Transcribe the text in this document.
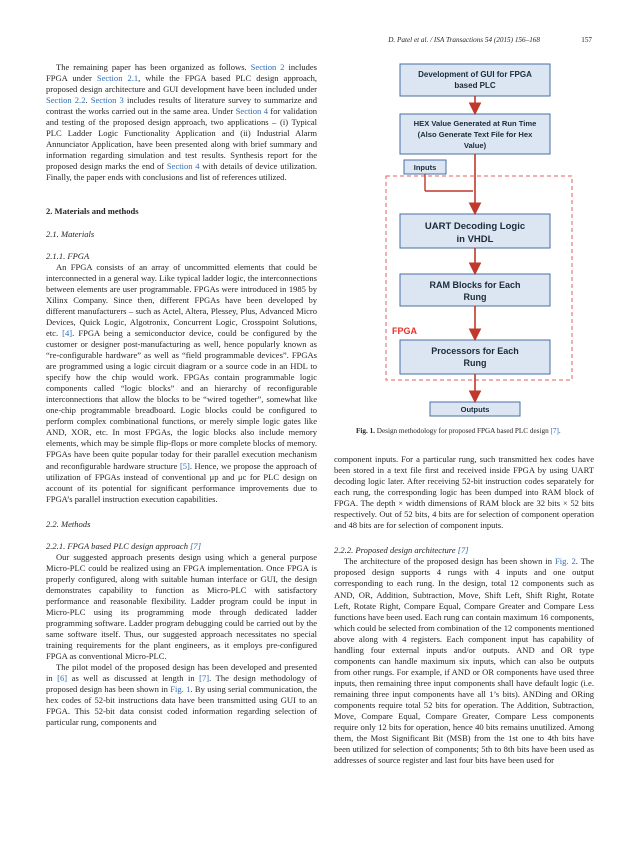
D. Patel et al. / ISA Transactions 54 (2015) 156–168	157

The remaining paper has been organized as follows. Section 2 includes FPGA under Section 2.1, while the FPGA based PLC design approach, proposed design architecture and GUI development have been included under Section 2.2. Section 3 includes results of literature survey to summarize and contrast the works carried out in the same area. Under Section 4 for validation and testing of the proposed design approach, two applications – (i) Typical PLC Ladder Logic Functionality Application and (ii) Industrial Alarm Annunciator Application, have been presented along with brief summary and information regarding simulation and test results. Synthesis report for the proposed design marks the end of Section 4 with details of device utilization. Finally, the paper ends with conclusions and list of references utilized.

2. Materials and methods
2.1. Materials
2.1.1. FPGA

An FPGA consists of an array of uncommitted elements that could be interconnected in a general way. Like typical ladder logic, the interconnections between elements are user programmable. FPGAs were introduced in 1985 by Xilinx Company. Since then, different FPGAs have been developed by different manufacturers – such as Actel, Altera, Plessey, Plus, Advanced Micro Devices, Quick Logic, Algotronix, Concurrent Logic, Crosspoint Solutions, etc. [4]. FPGA being a semiconductor device, could be configured by the customer or designer post-manufacturing as well, hence popularly known as “re-configurable hardware” as well as “field programmable devices”. FPGAs are programmed using a logic circuit diagram or a source code in an HDL to specify how the chip would work. FPGAs contain programmable logic components called “logic blocks” and an hierarchy of reconfigurable interconnections that allow the blocks to be “wired together”, somewhat like one-chip programmable breadboard. Logic blocks could be configured to perform complex combinational functions, or merely simple logic gates like AND, XOR, etc. In most FPGAs, the logic blocks also include memory elements, which may be simple flip-flops or more complete blocks of memory. FPGAs have been quite popular today for their parallel execution mechanism and reconfigurable hardware structure [5]. Hence, we propose the approach of utilization of FPGAs instead of conventional μp and μc for PLC design on account of its potential for significant performance improvements due to FPGA’s parallel instruction execution capabilities.

2.2. Methods
2.2.1. FPGA based PLC design approach [7]

Our suggested approach presents design using which a general purpose Micro-PLC could be realized using an FPGA implementation. Once FPGA is properly configured, along with suitable human interface or GUI, the design demonstrates capability to function as Micro-PLC with satisfactory performance and reasonable flexibility. Ladder program could be input in Micro-PLC using its programming mode through dedicated ladder programming software. Ladder program debugging could be carried out by the same software itself. Thus, our suggested approach necessitates no special training requirements for the plant engineers, as it employs pre-configured FPGA as conventional Micro-PLC.

The pilot model of the proposed design has been developed and presented in [6] as well as discussed at length in [7]. The design methodology of proposed design has been shown in Fig. 1. By using serial communication, the hex codes of 52-bit instructions data have been transmitted using GUI to an FPGA. This 52-bit data consist coded information regarding selection of particular rung, components and

Development of GUI for FPGA
based PLC
HEX Value Generated at Run Time
(Also Generate Text File for Hex
Value)
Inputs
UART Decoding Logic
in VHDL
RAM Blocks for Each
Rung
FPGA
Processors for Each
Rung
Outputs
Fig. 1. Design methodology for proposed FPGA based PLC design [7].

component inputs. For a particular rung, such transmitted hex codes have been stored in a text file first and received inside FPGA by using UART decoding logic later. After receiving 52-bit instruction codes separately for each rung, the corresponding logic has been dumped into RAM block of FPGA. The depth × width dimensions of RAM block are 32 bits × 52 bits respectively. Out of 52 bits, 4 bits are for selection of component operation and 48 bits are for selection of component inputs.

2.2.2. Proposed design architecture [7]

The architecture of the proposed design has been shown in Fig. 2. The proposed design supports 4 rungs with 4 inputs and one output corresponding to each rung. In the design, total 12 components such as AND, OR, Addition, Subtraction, Move, Shift Left, Shift Right, Rotate Left, Rotate Right, Compare Equal, Compare Greater and Compare Less functions have been used. Each rung can contain maximum 16 components, which could be selected from combination of the 12 components mentioned above along with 4 registers. Each component input has capability of handling four external inputs and/or outputs. AND and OR type components can handle maximum six inputs, which can also be outputs from other rungs. For example, if AND or OR components have used three inputs, then remaining three input components shall have default logic (i.e. remaining three input components have all 1’s bits). ANDing and ORing components require total 52 bits for operation. The Addition, Subtraction, Move, Compare Equal, Compare Greater, Compare Less components require only 12 bits for operation, hence 40 bits remains unutilized. Among them, the Most Significant Bit (MSB) from the 1st one to 4th bits have been utilized for selection of components; 5th to 8th bits have been used as addresses of source register and last four bits have been used for
